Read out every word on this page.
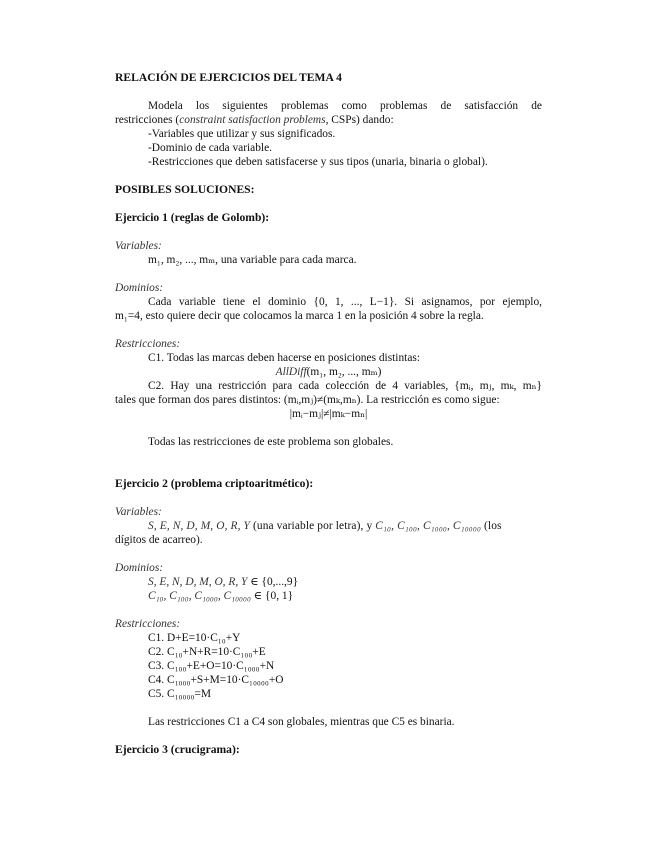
RELACIÓN DE EJERCICIOS DEL TEMA 4
Modela los siguientes problemas como problemas de satisfacción de
restricciones (constraint satisfaction problems, CSPs) dando:
-Variables que utilizar y sus significados.
-Dominio de cada variable.
-Restricciones que deben satisfacerse y sus tipos (unaria, binaria o global).
POSIBLES SOLUCIONES:
Ejercicio 1 (reglas de Golomb):
Variables:
m₁, m₂, ..., mₘ, una variable para cada marca.
Dominios:
Cada variable tiene el dominio {0, 1, ..., L−1}. Si asignamos, por ejemplo,
m₁=4, esto quiere decir que colocamos la marca 1 en la posición 4 sobre la regla.
Restricciones:
C1. Todas las marcas deben hacerse en posiciones distintas:
AllDiff(m₁, m₂, ..., mₘ)
C2. Hay una restricción para cada colección de 4 variables, {mᵢ, mⱼ, mₖ, mₙ}
tales que forman dos pares distintos: (mᵢ,mⱼ)≠(mₖ,mₙ). La restricción es como sigue:
|mᵢ−mⱼ|≠|mₖ−mₙ|
Todas las restricciones de este problema son globales.
Ejercicio 2 (problema criptoaritmético):
Variables:
S, E, N, D, M, O, R, Y (una variable por letra), y C₁₀, C₁₀₀, C₁₀₀₀, C₁₀₀₀₀ (los
dígitos de acarreo).
Dominios:
S, E, N, D, M, O, R, Y ∈ {0,...,9}
C₁₀, C₁₀₀, C₁₀₀₀, C₁₀₀₀₀ ∈ {0, 1}
Restricciones:
C1. D+E=10·C₁₀+Y
C2. C₁₀+N+R=10·C₁₀₀+E
C3. C₁₀₀+E+O=10·C₁₀₀₀+N
C4. C₁₀₀₀+S+M=10·C₁₀₀₀₀+O
C5. C₁₀₀₀₀=M
Las restricciones C1 a C4 son globales, mientras que C5 es binaria.
Ejercicio 3 (crucigrama):
